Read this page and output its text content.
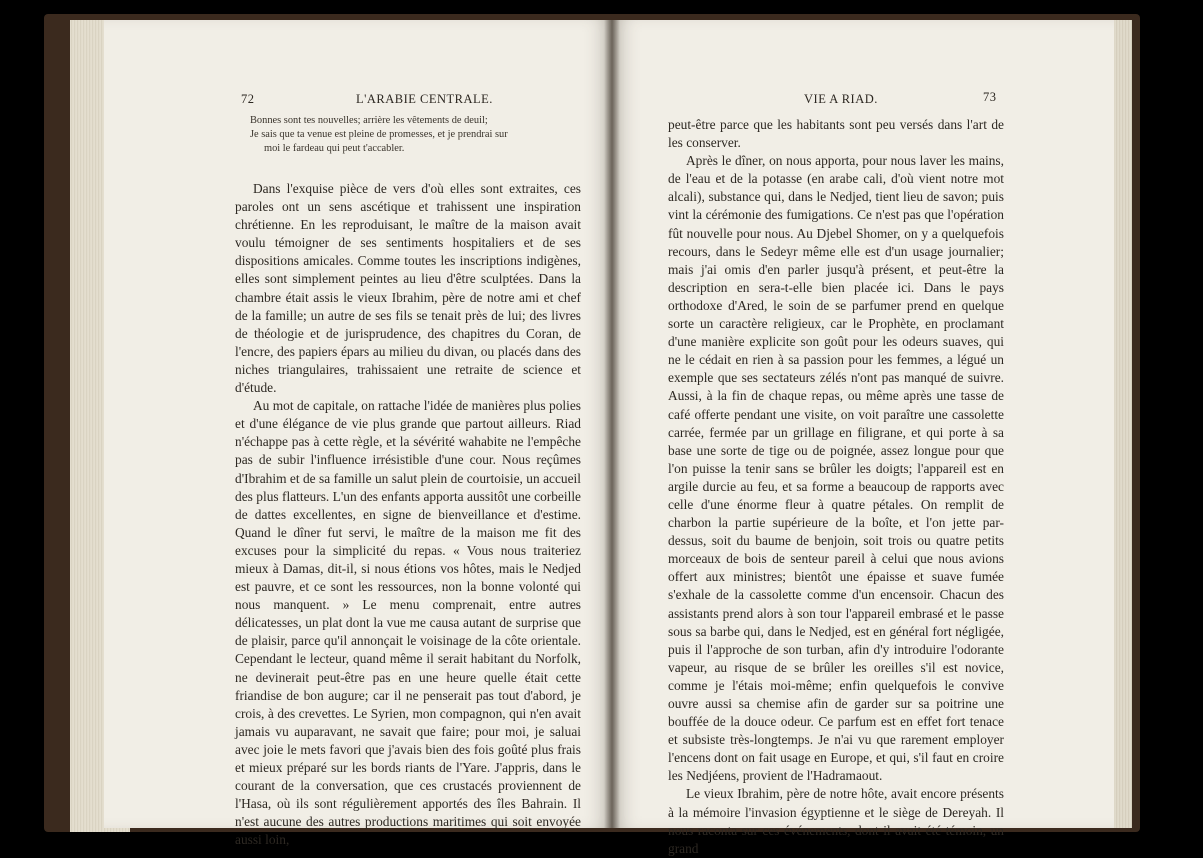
72	L'ARABIE CENTRALE.
Bonnes sont tes nouvelles; arrière les vêtements de deuil;
Je sais que ta venue est pleine de promesses, et je prendrai sur
moi le fardeau qui peut t'accabler.

Dans l'exquise pièce de vers d'où elles sont extraites, ces paroles ont un sens ascétique et trahissent une inspiration chrétienne. En les reproduisant, le maître de la maison avait voulu témoigner de ses sentiments hospitaliers et de ses dispositions amicales. Comme toutes les inscriptions indigènes, elles sont simplement peintes au lieu d'être sculptées. Dans la chambre était assis le vieux Ibrahim, père de notre ami et chef de la famille; un autre de ses fils se tenait près de lui; des livres de théologie et de jurisprudence, des chapitres du Coran, de l'encre, des papiers épars au milieu du divan, ou placés dans des niches triangulaires, trahissaient une retraite de science et d'étude.

Au mot de capitale, on rattache l'idée de manières plus polies et d'une élégance de vie plus grande que partout ailleurs. Riad n'échappe pas à cette règle, et la sévérité wahabite ne l'empêche pas de subir l'influence irrésistible d'une cour. Nous reçûmes d'Ibrahim et de sa famille un salut plein de courtoisie, un accueil des plus flatteurs. L'un des enfants apporta aussitôt une corbeille de dattes excellentes, en signe de bienveillance et d'estime. Quand le dîner fut servi, le maître de la maison me fit des excuses pour la simplicité du repas. « Vous nous traiteriez mieux à Damas, dit-il, si nous étions vos hôtes, mais le Nedjed est pauvre, et ce sont les ressources, non la bonne volonté qui nous manquent. » Le menu comprenait, entre autres délicatesses, un plat dont la vue me causa autant de surprise que de plaisir, parce qu'il annonçait le voisinage de la côte orientale. Cependant le lecteur, quand même il serait habitant du Norfolk, ne devinerait peut-être pas en une heure quelle était cette friandise de bon augure; car il ne penserait pas tout d'abord, je crois, à des crevettes. Le Syrien, mon compagnon, qui n'en avait jamais vu auparavant, ne savait que faire; pour moi, je saluai avec joie le mets favori que j'avais bien des fois goûté plus frais et mieux préparé sur les bords riants de l'Yare. J'appris, dans le courant de la conversation, que ces crustacés proviennent de l'Hasa, où ils sont régulièrement apportés des îles Bahrain. Il n'est aucune des autres productions maritimes qui soit envoyée aussi loin,

VIE A RIAD.	73

peut-être parce que les habitants sont peu versés dans l'art de les conserver.

Après le dîner, on nous apporta, pour nous laver les mains, de l'eau et de la potasse (en arabe cali, d'où vient notre mot alcali), substance qui, dans le Nedjed, tient lieu de savon; puis vint la cérémonie des fumigations. Ce n'est pas que l'opération fût nouvelle pour nous. Au Djebel Shomer, on y a quelquefois recours, dans le Sedeyr même elle est d'un usage journalier; mais j'ai omis d'en parler jusqu'à présent, et peut-être la description en sera-t-elle bien placée ici. Dans le pays orthodoxe d'Ared, le soin de se parfumer prend en quelque sorte un caractère religieux, car le Prophète, en proclamant d'une manière explicite son goût pour les odeurs suaves, qui ne le cédait en rien à sa passion pour les femmes, a légué un exemple que ses sectateurs zélés n'ont pas manqué de suivre. Aussi, à la fin de chaque repas, ou même après une tasse de café offerte pendant une visite, on voit paraître une cassolette carrée, fermée par un grillage en filigrane, et qui porte à sa base une sorte de tige ou de poignée, assez longue pour que l'on puisse la tenir sans se brûler les doigts; l'appareil est en argile durcie au feu, et sa forme a beaucoup de rapports avec celle d'une énorme fleur à quatre pétales. On remplit de charbon la partie supérieure de la boîte, et l'on jette par-dessus, soit du baume de benjoin, soit trois ou quatre petits morceaux de bois de senteur pareil à celui que nous avions offert aux ministres; bientôt une épaisse et suave fumée s'exhale de la cassolette comme d'un encensoir. Chacun des assistants prend alors à son tour l'appareil embrasé et le passe sous sa barbe qui, dans le Nedjed, est en général fort négligée, puis il l'approche de son turban, afin d'y introduire l'odorante vapeur, au risque de se brûler les oreilles s'il est novice, comme je l'étais moi-même; enfin quelquefois le convive ouvre aussi sa chemise afin de garder sur sa poitrine une bouffée de la douce odeur. Ce parfum est en effet fort tenace et subsiste très-longtemps. Je n'ai vu que rarement employer l'encens dont on fait usage en Europe, et qui, s'il faut en croire les Nedjéens, provient de l'Hadramaout.

Le vieux Ibrahim, père de notre hôte, avait encore présents à la mémoire l'invasion égyptienne et le siège de Dereyah. Il nous raconta sur ces événements, dont il avait été témoin, un grand
